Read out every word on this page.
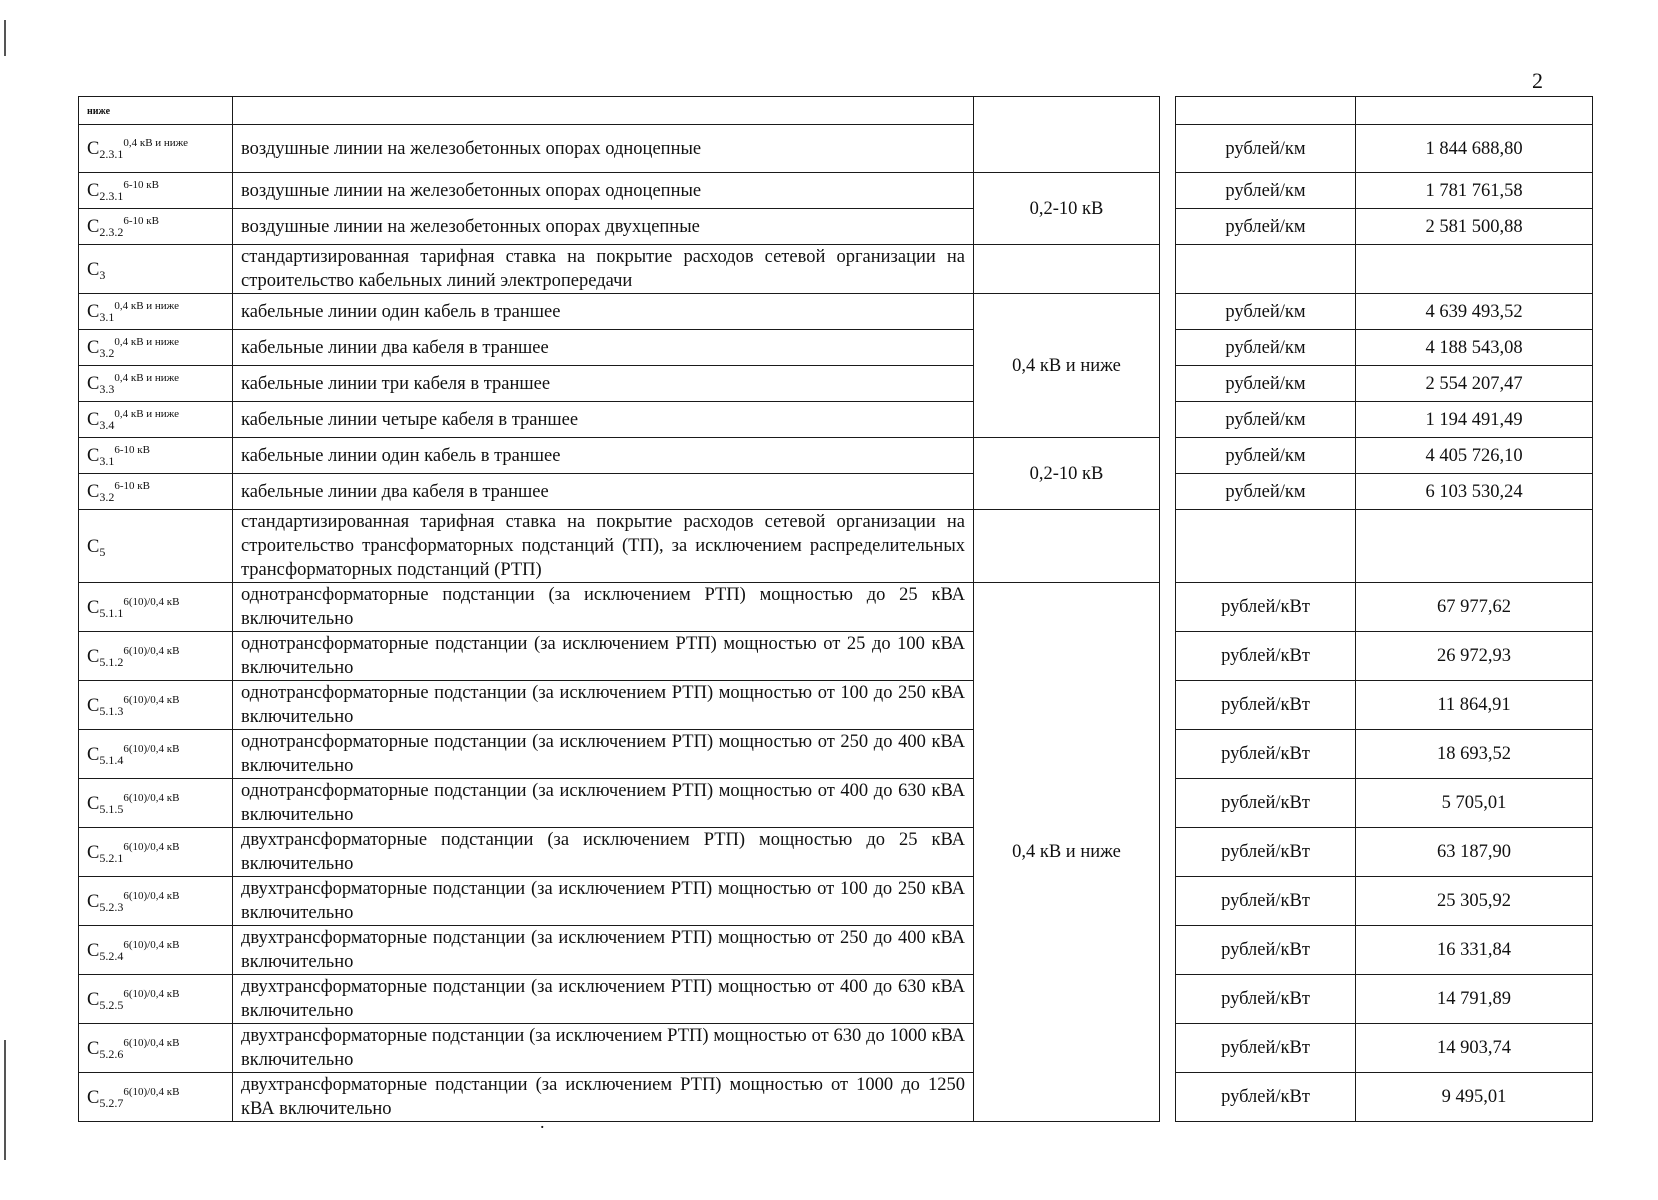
2
ниже					
$C_{2.3.1}^{0,4 кВ и ниже}$	воздушные линии на железобетонных опорах одноцепные			рублей/км	1 844 688,80
$C_{2.3.1}^{6-10 кВ}$	воздушные линии на железобетонных опорах одноцепные	0,2-10 кВ		рублей/км	1 781 761,58
$C_{2.3.2}^{6-10 кВ}$	воздушные линии на железобетонных опорах двухцепные			рублей/км	2 581 500,88
$C_3$	стандартизированная тарифная ставка на покрытие расходов сетевой организации на строительство кабельных линий электропередачи				
$C_{3.1}^{0,4 кВ и ниже}$	кабельные линии один кабель в траншее	0,4 кВ и ниже		рублей/км	4 639 493,52
$C_{3.2}^{0,4 кВ и ниже}$	кабельные линии два кабеля в траншее			рублей/км	4 188 543,08
$C_{3.3}^{0,4 кВ и ниже}$	кабельные линии три кабеля в траншее			рублей/км	2 554 207,47
$C_{3.4}^{0,4 кВ и ниже}$	кабельные линии четыре кабеля в траншее			рублей/км	1 194 491,49
$C_{3.1}^{6-10 кВ}$	кабельные линии один кабель в траншее	0,2-10 кВ		рублей/км	4 405 726,10
$C_{3.2}^{6-10 кВ}$	кабельные линии два кабеля в траншее			рублей/км	6 103 530,24
$C_5$	стандартизированная тарифная ставка на покрытие расходов сетевой организации на строительство трансформаторных подстанций (ТП), за исключением распределительных трансформаторных подстанций (РТП)				
$C_{5.1.1}^{6(10)/0,4 кВ}$	однотрансформаторные подстанции (за исключением РТП) мощностью до 25 кВА включительно	0,4 кВ и ниже		рублей/кВт	67 977,62
$C_{5.1.2}^{6(10)/0,4 кВ}$	однотрансформаторные подстанции (за исключением РТП) мощностью от 25 до 100 кВА включительно			рублей/кВт	26 972,93
$C_{5.1.3}^{6(10)/0,4 кВ}$	однотрансформаторные подстанции (за исключением РТП) мощностью от 100 до 250 кВА включительно			рублей/кВт	11 864,91
$C_{5.1.4}^{6(10)/0,4 кВ}$	однотрансформаторные подстанции (за исключением РТП) мощностью от 250 до 400 кВА включительно			рублей/кВт	18 693,52
$C_{5.1.5}^{6(10)/0,4 кВ}$	однотрансформаторные подстанции (за исключением РТП) мощностью от 400 до 630 кВА включительно			рублей/кВт	5 705,01
$C_{5.2.1}^{6(10)/0,4 кВ}$	двухтрансформаторные подстанции (за исключением РТП) мощностью до 25 кВА включительно			рублей/кВт	63 187,90
$C_{5.2.3}^{6(10)/0,4 кВ}$	двухтрансформаторные подстанции (за исключением РТП) мощностью от 100 до 250 кВА включительно			рублей/кВт	25 305,92
$C_{5.2.4}^{6(10)/0,4 кВ}$	двухтрансформаторные подстанции (за исключением РТП) мощностью от 250 до 400 кВА включительно			рублей/кВт	16 331,84
$C_{5.2.5}^{6(10)/0,4 кВ}$	двухтрансформаторные подстанции (за исключением РТП) мощностью от 400 до 630 кВА включительно			рублей/кВт	14 791,89
$C_{5.2.6}^{6(10)/0,4 кВ}$	двухтрансформаторные подстанции (за исключением РТП) мощностью от 630 до 1000 кВА включительно			рублей/кВт	14 903,74
$C_{5.2.7}^{6(10)/0,4 кВ}$	двухтрансформаторные подстанции (за исключением РТП) мощностью от 1000 до 1250 кВА включительно			рублей/кВт	9 495,01
.
